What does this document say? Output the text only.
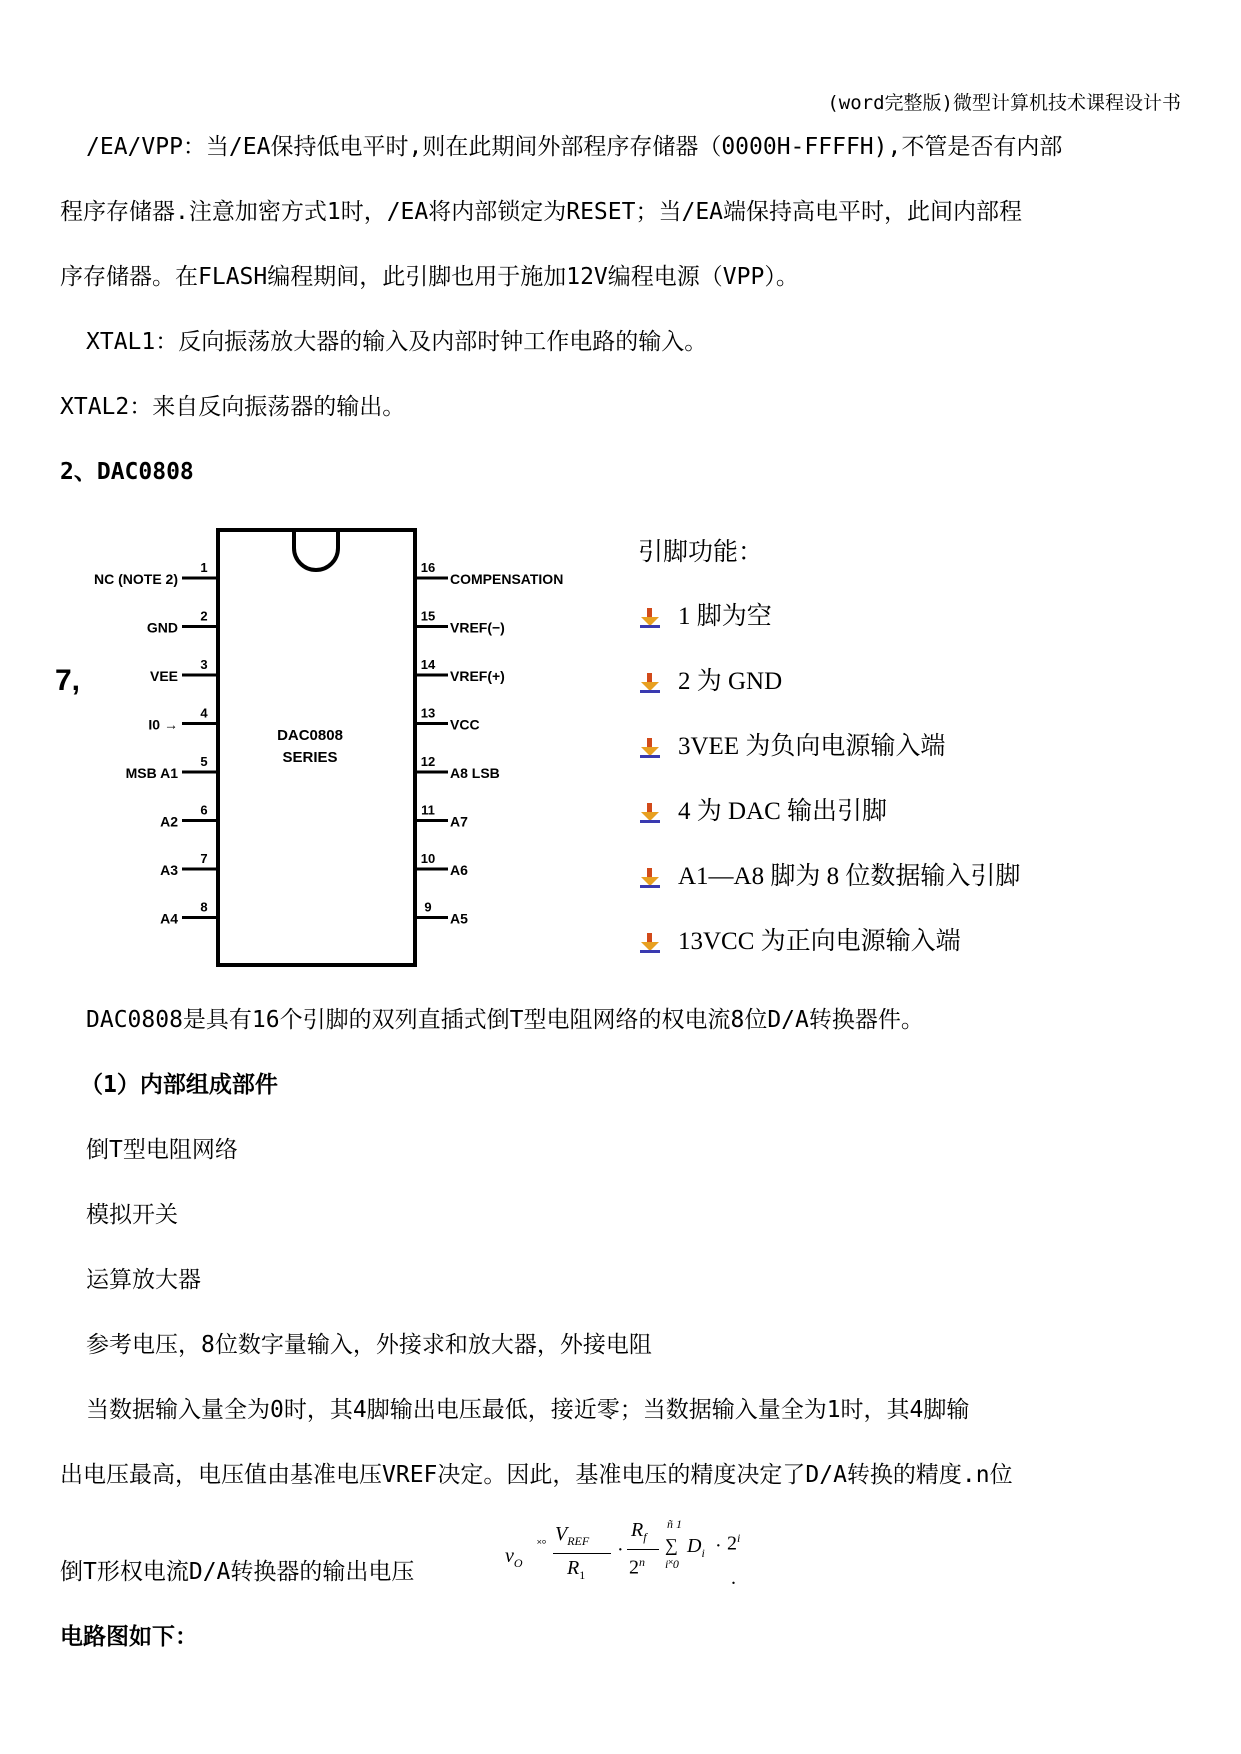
(word完整版)微型计算机技术课程设计书
/EA/VPP：当/EA保持低电平时,则在此期间外部程序存储器（0000H-FFFFH),不管是否有内部
程序存储器.注意加密方式1时，/EA将内部锁定为RESET；当/EA端保持高电平时，此间内部程
序存储器。在FLASH编程期间，此引脚也用于施加12V编程电源（VPP）。
XTAL1：反向振荡放大器的输入及内部时钟工作电路的输入。
XTAL2：来自反向振荡器的输出。
2、DAC0808
7,
DAC0808
SERIES
1
NC (NOTE 2)
2
GND
3
VEE
4
I0 →
5
MSB A1
6
A2
7
A3
8
A4
16
COMPENSATION
15
VREF(−)
14
VREF(+)
13
VCC
12
A8 LSB
11
A7
10
A6
9
A5
引脚功能：
1 脚为空
2 为 GND
3VEE 为负向电源输入端
4 为 DAC 输出引脚
A1—A8 脚为 8 位数据输入引脚
13VCC 为正向电源输入端
DAC0808是具有16个引脚的双列直插式倒T型电阻网络的权电流8位D/A转换器件。
（1）内部组成部件
倒T型电阻网络
模拟开关
运算放大器
参考电压，8位数字量输入，外接求和放大器，外接电阻
当数据输入量全为0时，其4脚输出电压最低，接近零；当数据输入量全为1时，其4脚输
出电压最高，电压值由基准电压VREF决定。因此，基准电压的精度决定了D/A转换的精度.n位
倒T形权电流D/A转换器的输出电压
$v_O$
˟° $V_{REF}$
$R_1$
·
$R_f$
2$^n$
ñ 1
∑
i˟0
$D_i \cdot 2^i$
.
电路图如下：
